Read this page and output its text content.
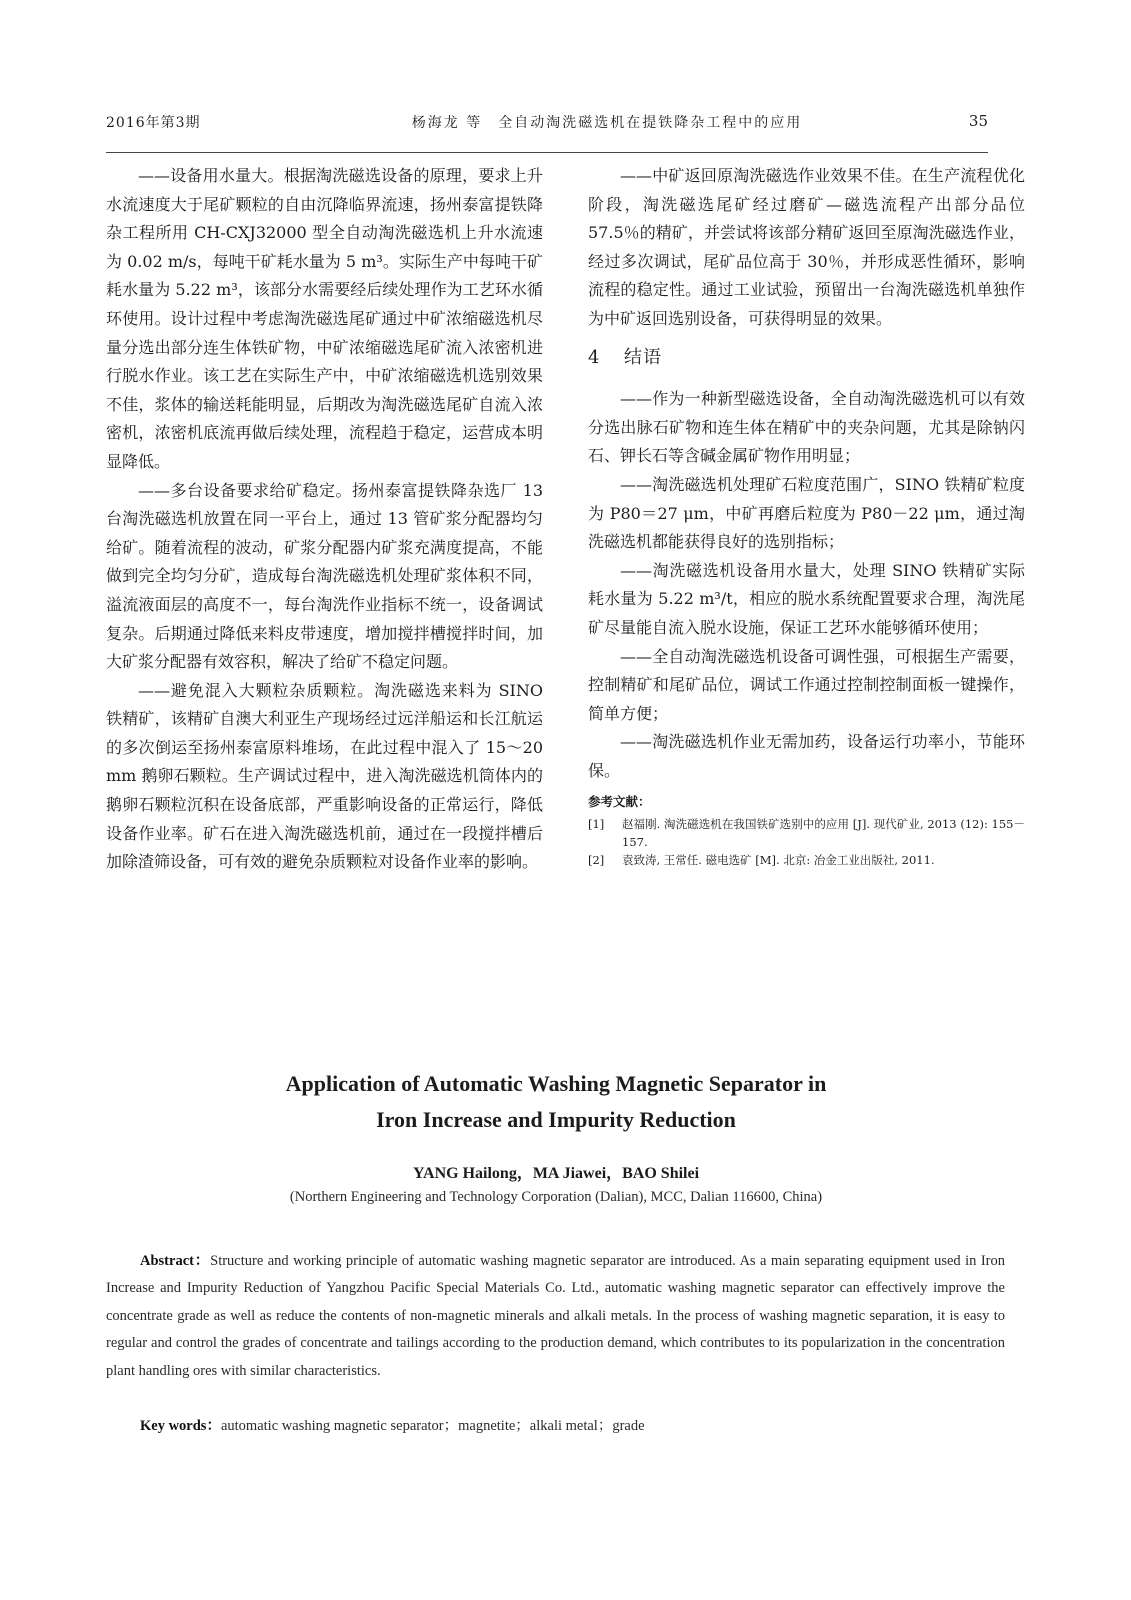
2016年第3期	杨海龙 等　全自动淘洗磁选机在提铁降杂工程中的应用	35

——设备用水量大。根据淘洗磁选设备的原理，要求上升水流速度大于尾矿颗粒的自由沉降临界流速，扬州泰富提铁降杂工程所用 CH-CXJ32000 型全自动淘洗磁选机上升水流速为 0.02 m/s，每吨干矿耗水量为 5 m³。实际生产中每吨干矿耗水量为 5.22 m³，该部分水需要经后续处理作为工艺环水循环使用。设计过程中考虑淘洗磁选尾矿通过中矿浓缩磁选机尽量分选出部分连生体铁矿物，中矿浓缩磁选尾矿流入浓密机进行脱水作业。该工艺在实际生产中，中矿浓缩磁选机选别效果不佳，浆体的输送耗能明显，后期改为淘洗磁选尾矿自流入浓密机，浓密机底流再做后续处理，流程趋于稳定，运营成本明显降低。

——多台设备要求给矿稳定。扬州泰富提铁降杂选厂 13 台淘洗磁选机放置在同一平台上，通过 13 管矿浆分配器均匀给矿。随着流程的波动，矿浆分配器内矿浆充满度提高，不能做到完全均匀分矿，造成每台淘洗磁选机处理矿浆体积不同，溢流液面层的高度不一，每台淘洗作业指标不统一，设备调试复杂。后期通过降低来料皮带速度，增加搅拌槽搅拌时间，加大矿浆分配器有效容积，解决了给矿不稳定问题。

——避免混入大颗粒杂质颗粒。淘洗磁选来料为 SINO 铁精矿，该精矿自澳大利亚生产现场经过远洋船运和长江航运的多次倒运至扬州泰富原料堆场，在此过程中混入了 15～20 mm 鹅卵石颗粒。生产调试过程中，进入淘洗磁选机筒体内的鹅卵石颗粒沉积在设备底部，严重影响设备的正常运行，降低设备作业率。矿石在进入淘洗磁选机前，通过在一段搅拌槽后加除渣筛设备，可有效的避免杂质颗粒对设备作业率的影响。

——中矿返回原淘洗磁选作业效果不佳。在生产流程优化阶段，淘洗磁选尾矿经过磨矿—磁选流程产出部分品位 57.5％的精矿，并尝试将该部分精矿返回至原淘洗磁选作业，经过多次调试，尾矿品位高于 30％，并形成恶性循环，影响流程的稳定性。通过工业试验，预留出一台淘洗磁选机单独作为中矿返回选别设备，可获得明显的效果。

4 结语

——作为一种新型磁选设备，全自动淘洗磁选机可以有效分选出脉石矿物和连生体在精矿中的夹杂问题，尤其是除钠闪石、钾长石等含碱金属矿物作用明显；

——淘洗磁选机处理矿石粒度范围广，SINO 铁精矿粒度为 P80＝27 μm，中矿再磨后粒度为 P80－22 μm，通过淘洗磁选机都能获得良好的选别指标；

——淘洗磁选机设备用水量大，处理 SINO 铁精矿实际耗水量为 5.22 m³/t，相应的脱水系统配置要求合理，淘洗尾矿尽量能自流入脱水设施，保证工艺环水能够循环使用；

——全自动淘洗磁选机设备可调性强，可根据生产需要，控制精矿和尾矿品位，调试工作通过控制控制面板一键操作，简单方便；

——淘洗磁选机作业无需加药，设备运行功率小，节能环保。

参考文献：
[1]	赵福刚. 淘洗磁选机在我国铁矿选别中的应用 [J]. 现代矿业, 2013 (12): 155－157.
[2]	袁致涛, 王常任. 磁电选矿 [M]. 北京: 冶金工业出版社, 2011.
Application of Automatic Washing Magnetic Separator in
Iron Increase and Impurity Reduction
YANG Hailong，MA Jiawei，BAO Shilei
(Northern Engineering and Technology Corporation (Dalian), MCC, Dalian 116600, China)
Abstract：Structure and working principle of automatic washing magnetic separator are introduced. As a main separating equipment used in Iron Increase and Impurity Reduction of Yangzhou Pacific Special Materials Co. Ltd., automatic washing magnetic separator can effectively improve the concentrate grade as well as reduce the contents of non-magnetic minerals and alkali metals. In the process of washing magnetic separation, it is easy to regular and control the grades of concentrate and tailings according to the production demand, which contributes to its popularization in the concentration plant handling ores with similar characteristics.
Key words：automatic washing magnetic separator；magnetite；alkali metal；grade
